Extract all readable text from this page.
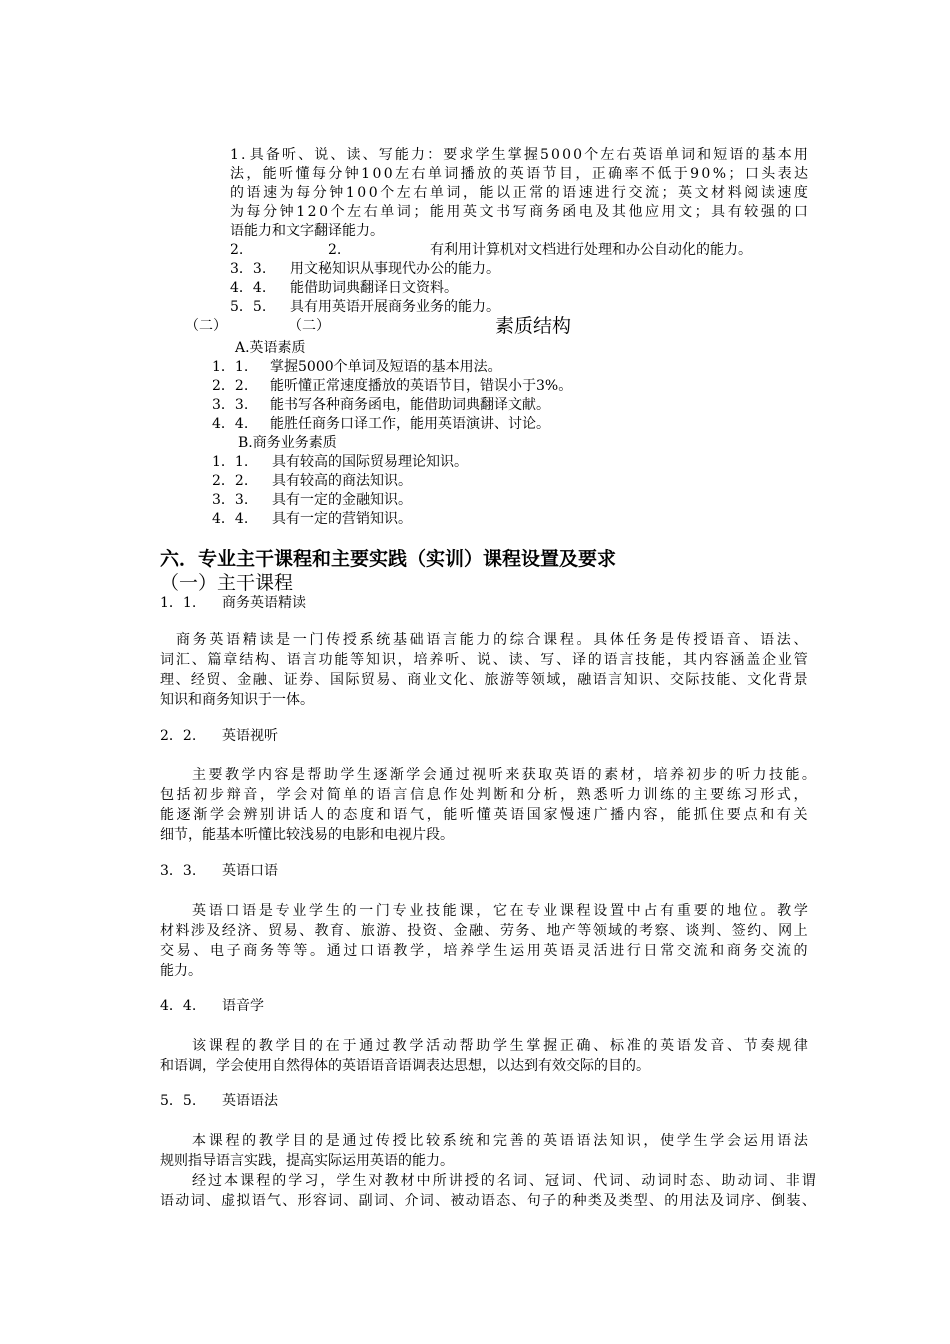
1 . 具 备 听 、 说 、 读 、 写 能 力 ： 要 求 学 生 掌 握 5 0 0 0 个 左 右 英 语 单 词 和 短 语 的 基 本 用
法 ， 能 听 懂 每 分 钟 1 0 0 左 右 单 词 播 放 的 英 语 节 目 ， 正 确 率 不 低 于 9 0 % ； 口 头 表 达
的 语 速 为 每 分 钟 1 0 0 个 左 右 单 词 ， 能 以 正 常 的 语 速 进 行 交 流 ； 英 文 材 料 阅 读 速 度
为 每 分 钟 1 2 0 个 左 右 单 词 ； 能 用 英 文 书 写 商 务 函 电 及 其 他 应 用 文 ； 具 有 较 强 的 口
语能力和文字翻译能力。
2.	2.	有利用计算机对文档进行处理和办公自动化的能力。
3．3. 用文秘知识从事现代办公的能力。
4．4. 能借助词典翻译日文资料。
5．5. 具有用英语开展商务业务的能力。
（二）	（二）	素质结构
A.英语素质
1．1. 掌握5000个单词及短语的基本用法。
2．2. 能听懂正常速度播放的英语节目，错误小于3%。
3．3. 能书写各种商务函电，能借助词典翻译文献。
4．4. 能胜任商务口译工作，能用英语演讲、讨论。
B.商务业务素质
1．1. 具有较高的国际贸易理论知识。
2．2. 具有较高的商法知识。
3．3. 具有一定的金融知识。
4．4. 具有一定的营销知识。
六．专业主干课程和主要实践（实训）课程设置及要求
（一）主干课程
1．1. 商务英语精读
商 务 英 语 精 读 是 一 门 传 授 系 统 基 础 语 言 能 力 的 综 合 课 程 。 具 体 任 务 是 传 授 语 音 、 语 法 、
词 汇 、 篇 章 结 构 、 语 言 功 能 等 知 识 ， 培 养 听 、 说 、 读 、 写 、 译 的 语 言 技 能 ， 其 内 容 涵 盖 企 业 管
理 、 经 贸 、 金 融 、 证 券 、 国 际 贸 易 、 商 业 文 化 、 旅 游 等 领 域 ， 融 语 言 知 识 、 交 际 技 能 、 文 化 背 景
知识和商务知识于一体。
2．2. 英语视听
主 要 教 学 内 容 是 帮 助 学 生 逐 渐 学 会 通 过 视 听 来 获 取 英 语 的 素 材 ， 培 养 初 步 的 听 力 技 能 。
包 括 初 步 辩 音 ， 学 会 对 简 单 的 语 言 信 息 作 处 判 断 和 分 析 ， 熟 悉 听 力 训 练 的 主 要 练 习 形 式 ，
能 逐 渐 学 会 辨 别 讲 话 人 的 态 度 和 语 气 ， 能 听 懂 英 语 国 家 慢 速 广 播 内 容 ， 能 抓 住 要 点 和 有 关
细节，能基本听懂比较浅易的电影和电视片段。
3．3. 英语口语
英 语 口 语 是 专 业 学 生 的 一 门 专 业 技 能 课 ， 它 在 专 业 课 程 设 置 中 占 有 重 要 的 地 位 。 教 学
材 料 涉 及 经 济 、 贸 易 、 教 育 、 旅 游 、 投 资 、 金 融 、 劳 务 、 地 产 等 领 域 的 考 察 、 谈 判 、 签 约 、 网 上
交 易 、 电 子 商 务 等 等 。 通 过 口 语 教 学 ， 培 养 学 生 运 用 英 语 灵 活 进 行 日 常 交 流 和 商 务 交 流 的
能力。
4．4. 语音学
该 课 程 的 教 学 目 的 在 于 通 过 教 学 活 动 帮 助 学 生 掌 握 正 确 、 标 准 的 英 语 发 音 、 节 奏 规 律
和语调，学会使用自然得体的英语语音语调表达思想，以达到有效交际的目的。
5．5. 英语语法
本 课 程 的 教 学 目 的 是 通 过 传 授 比 较 系 统 和 完 善 的 英 语 语 法 知 识 ， 使 学 生 学 会 运 用 语 法
规则指导语言实践，提高实际运用英语的能力。
经 过 本 课 程 的 学 习 ， 学 生 对 教 材 中 所 讲 授 的 名 词 、 冠 词 、 代 词 、 动 词 时 态 、 助 动 词 、 非 谓
语 动 词 、 虚 拟 语 气 、 形 容 词 、 副 词 、 介 词 、 被 动 语 态 、 句 子 的 种 类 及 类 型 、 的 用 法 及 词 序 、 倒 装 、
